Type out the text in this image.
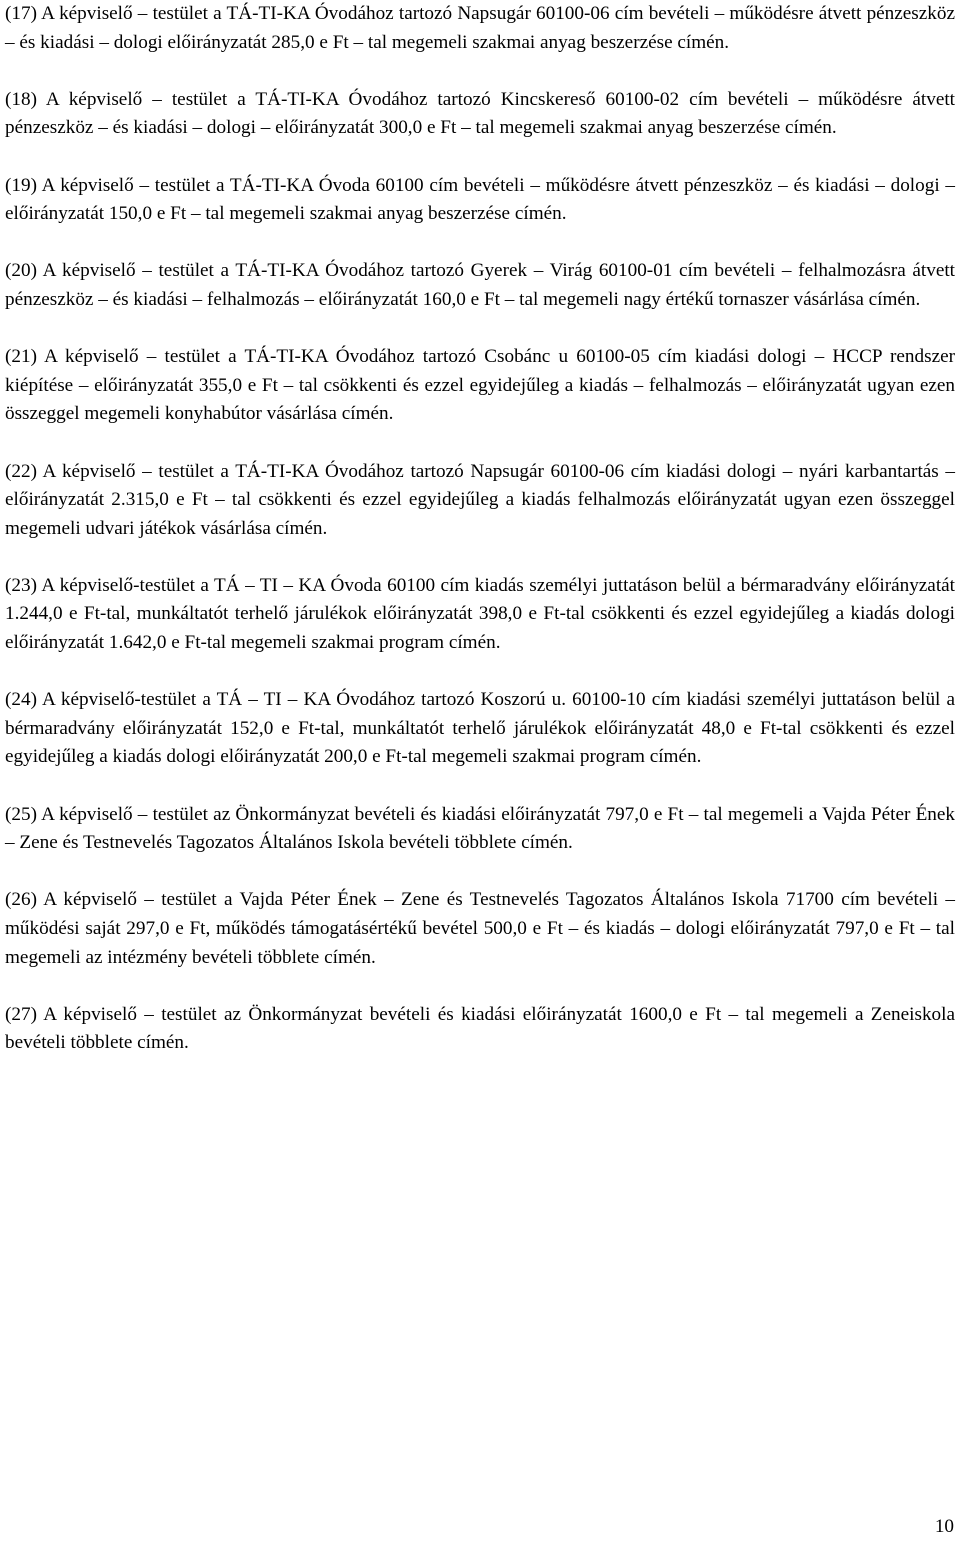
(17) A képviselő – testület a TÁ-TI-KA Óvodához tartozó Napsugár 60100-06 cím bevételi – működésre átvett pénzeszköz – és kiadási – dologi előirányzatát 285,0 e Ft – tal megemeli szakmai anyag beszerzése címén.

(18) A képviselő – testület a TÁ-TI-KA Óvodához tartozó Kincskereső 60100-02 cím bevételi – működésre átvett pénzeszköz – és kiadási – dologi – előirányzatát 300,0 e Ft – tal megemeli szakmai anyag beszerzése címén.

(19) A képviselő – testület a TÁ-TI-KA Óvoda 60100 cím bevételi – működésre átvett pénzeszköz – és kiadási – dologi – előirányzatát 150,0 e Ft – tal megemeli szakmai anyag beszerzése címén.

(20) A képviselő – testület a TÁ-TI-KA Óvodához tartozó Gyerek – Virág 60100-01 cím bevételi – felhalmozásra átvett pénzeszköz – és kiadási – felhalmozás – előirányzatát 160,0 e Ft – tal megemeli nagy értékű tornaszer vásárlása címén.

(21) A képviselő – testület a TÁ-TI-KA Óvodához tartozó Csobánc u 60100-05 cím kiadási dologi – HCCP rendszer kiépítése – előirányzatát 355,0 e Ft – tal csökkenti és ezzel egyidejűleg a kiadás – felhalmozás – előirányzatát ugyan ezen összeggel megemeli konyhabútor vásárlása címén.

(22) A képviselő – testület a TÁ-TI-KA Óvodához tartozó Napsugár 60100-06 cím kiadási dologi – nyári karbantartás – előirányzatát 2.315,0 e Ft – tal csökkenti és ezzel egyidejűleg a kiadás felhalmozás előirányzatát ugyan ezen összeggel megemeli udvari játékok vásárlása címén.

(23) A képviselő-testület a TÁ – TI – KA Óvoda 60100 cím kiadás személyi juttatáson belül a bérmaradvány előirányzatát 1.244,0 e Ft-tal, munkáltatót terhelő járulékok előirányzatát 398,0 e Ft-tal csökkenti és ezzel egyidejűleg a kiadás dologi előirányzatát 1.642,0 e Ft-tal megemeli szakmai program címén.

(24) A képviselő-testület a TÁ – TI – KA Óvodához tartozó Koszorú u. 60100-10 cím kiadási személyi juttatáson belül a bérmaradvány előirányzatát 152,0 e Ft-tal, munkáltatót terhelő járulékok előirányzatát 48,0 e Ft-tal csökkenti és ezzel egyidejűleg a kiadás dologi előirányzatát 200,0 e Ft-tal megemeli szakmai program címén.

(25) A képviselő – testület az Önkormányzat bevételi és kiadási előirányzatát 797,0 e Ft – tal megemeli a Vajda Péter Ének – Zene és Testnevelés Tagozatos Általános Iskola bevételi többlete címén.

(26) A képviselő – testület a Vajda Péter Ének – Zene és Testnevelés Tagozatos Általános Iskola 71700 cím bevételi – működési saját 297,0 e Ft, működés támogatásértékű bevétel 500,0 e Ft – és kiadás – dologi előirányzatát 797,0 e Ft – tal megemeli az intézmény bevételi többlete címén.

(27) A képviselő – testület az Önkormányzat bevételi és kiadási előirányzatát 1600,0 e Ft – tal megemeli a Zeneiskola bevételi többlete címén.

10
